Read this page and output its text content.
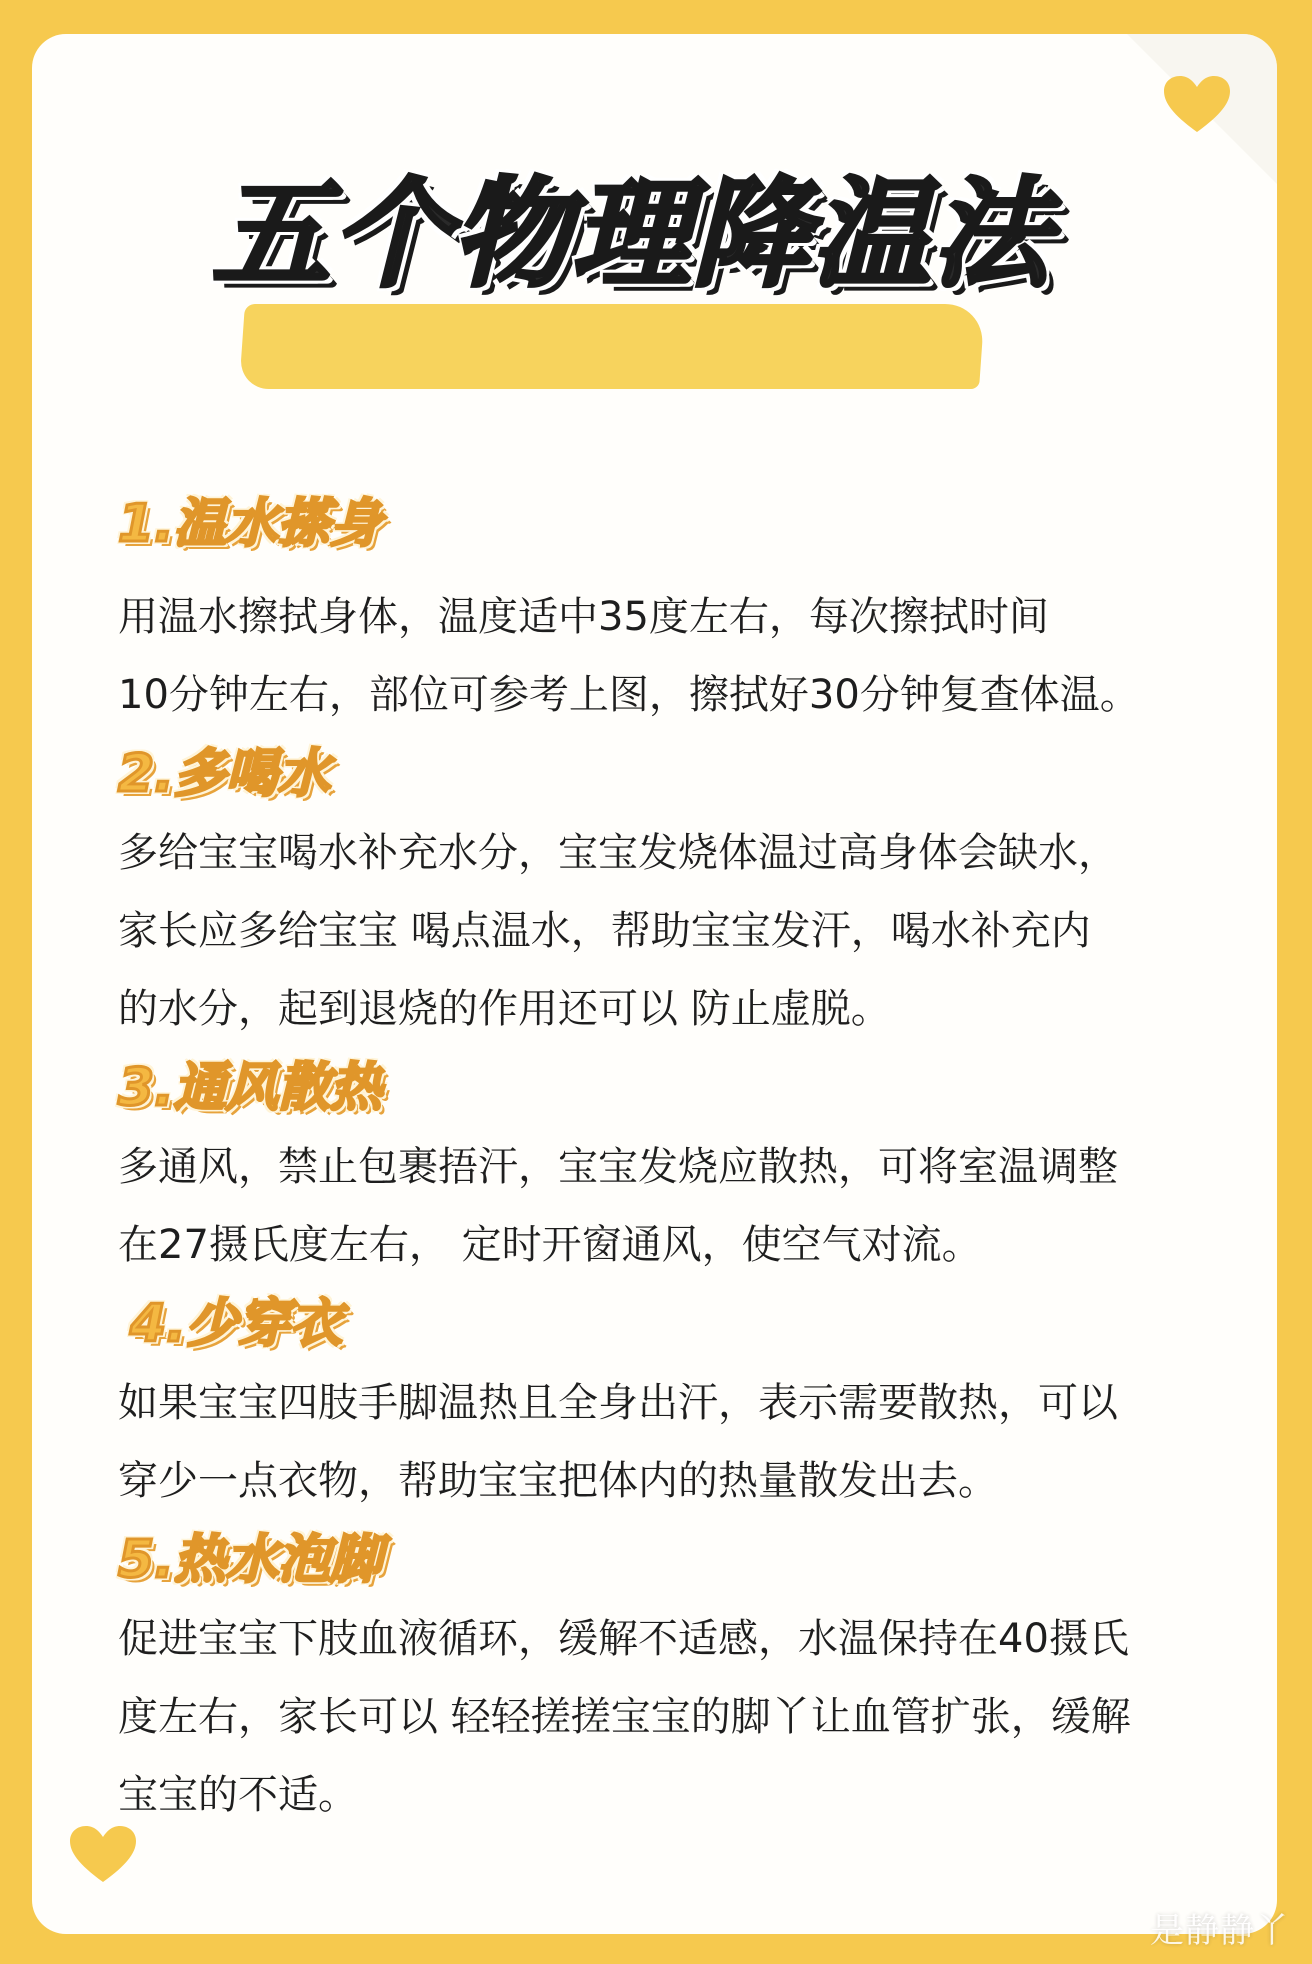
五个物理降温法
1.温水搽身

用温水擦拭身体，温度适中35度左右，每次擦拭时间
10分钟左右，部位可参考上图，擦拭好30分钟复查体温。

2.多喝水

多给宝宝喝水补充水分，宝宝发烧体温过高身体会缺水，
家长应多给宝宝 喝点温水，帮助宝宝发汗，喝水补充内
的水分，起到退烧的作用还可以 防止虚脱。

3.通风散热

多通风，禁止包裹捂汗，宝宝发烧应散热，可将室温调整
在27摄氏度左右， 定时开窗通风，使空气对流。

4.少穿衣

如果宝宝四肢手脚温热且全身出汗，表示需要散热，可以
穿少一点衣物，帮助宝宝把体内的热量散发出去。

5.热水泡脚

促进宝宝下肢血液循环，缓解不适感，水温保持在40摄氏
度左右，家长可以 轻轻搓搓宝宝的脚丫让血管扩张，缓解
宝宝的不适。

是静静丫
